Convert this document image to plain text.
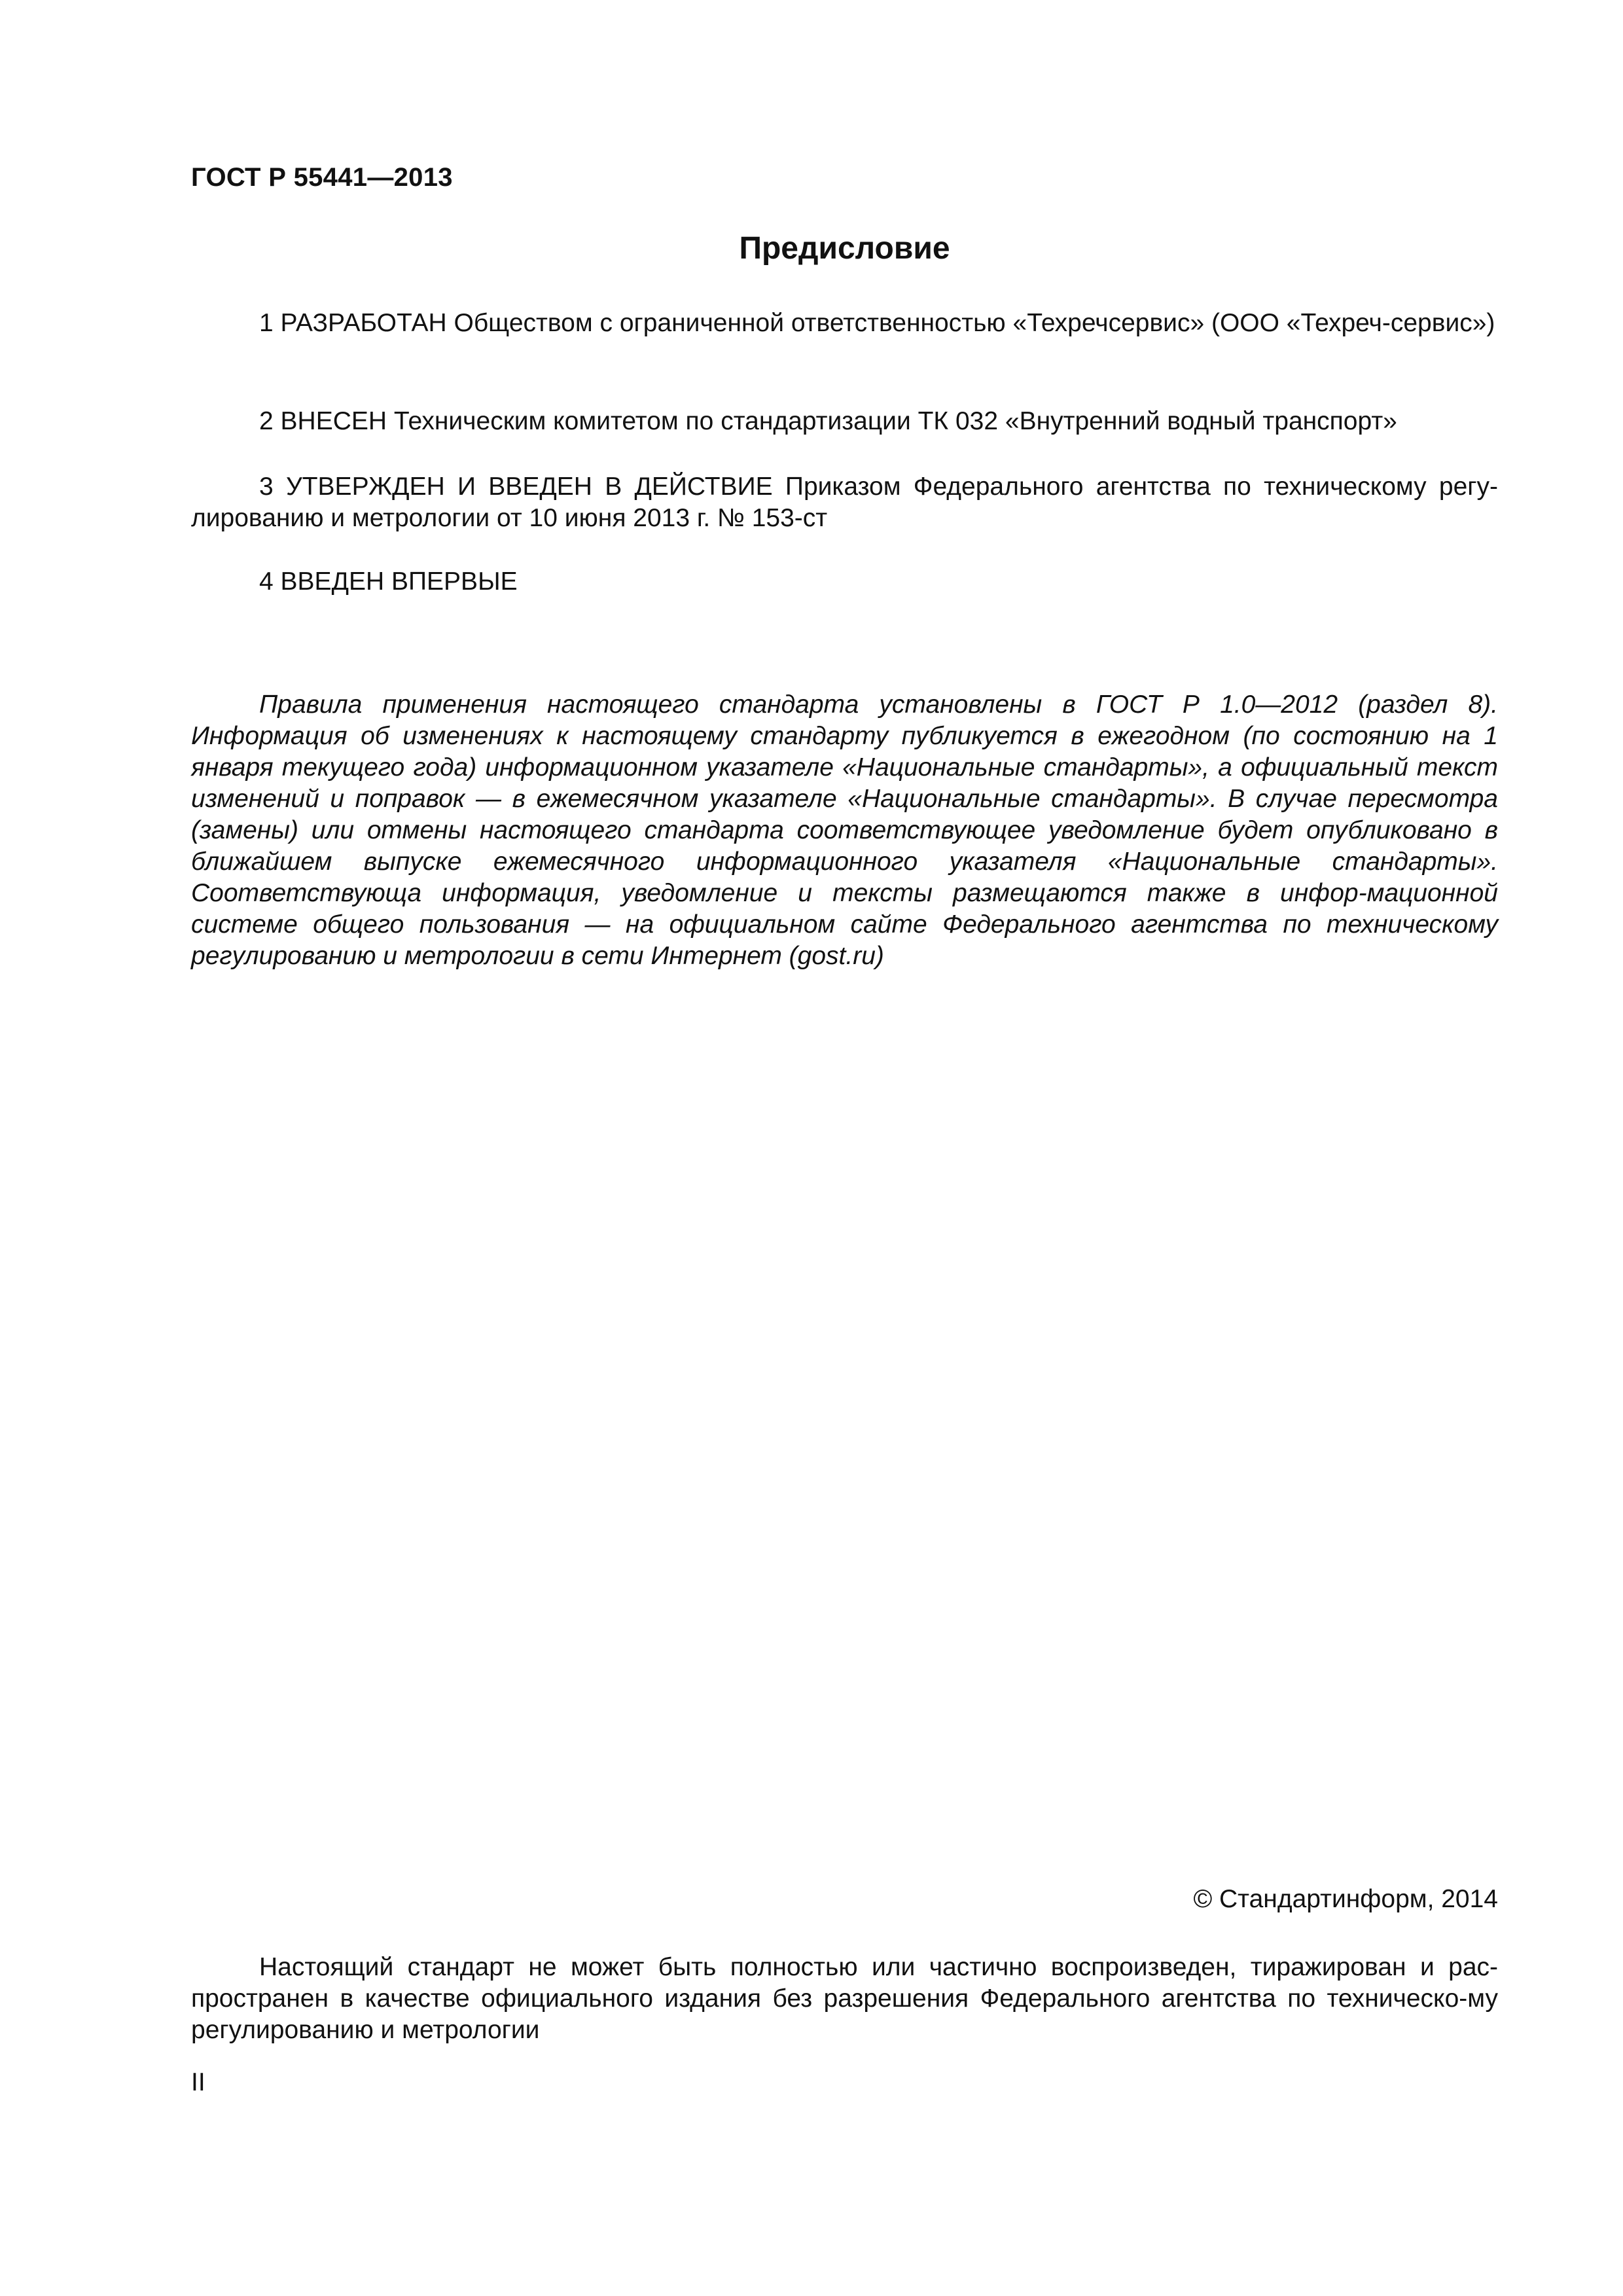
ГОСТ Р 55441—2013
Предисловие
1 РАЗРАБОТАН Обществом с ограниченной ответственностью «Техречсервис» (ООО «Техреч-сервис»)
2 ВНЕСЕН Техническим комитетом по стандартизации ТК 032 «Внутренний водный транспорт»
3 УТВЕРЖДЕН И ВВЕДЕН В ДЕЙСТВИЕ Приказом Федерального агентства по техническому регу-лированию и метрологии от 10 июня 2013 г. № 153-ст
4 ВВЕДЕН ВПЕРВЫЕ
Правила применения настоящего стандарта установлены в ГОСТ Р 1.0—2012 (раздел 8). Информация об изменениях к настоящему стандарту публикуется в ежегодном (по состоянию на 1 января текущего года) информационном указателе «Национальные стандарты», а официальный текст изменений и поправок — в ежемесячном указателе «Национальные стандарты». В случае пересмотра (замены) или отмены настоящего стандарта соответствующее уведомление будет опубликовано в ближайшем выпуске ежемесячного информационного указателя «Национальные стандарты». Соответствующа информация, уведомление и тексты размещаются также в инфор-мационной системе общего пользования — на официальном сайте Федерального агентства по техническому регулированию и метрологии в сети Интернет (gost.ru)
© Стандартинформ, 2014
Настоящий стандарт не может быть полностью или частично воспроизведен, тиражирован и рас-пространен в качестве официального издания без разрешения Федерального агентства по техническо-му регулированию и метрологии
II
